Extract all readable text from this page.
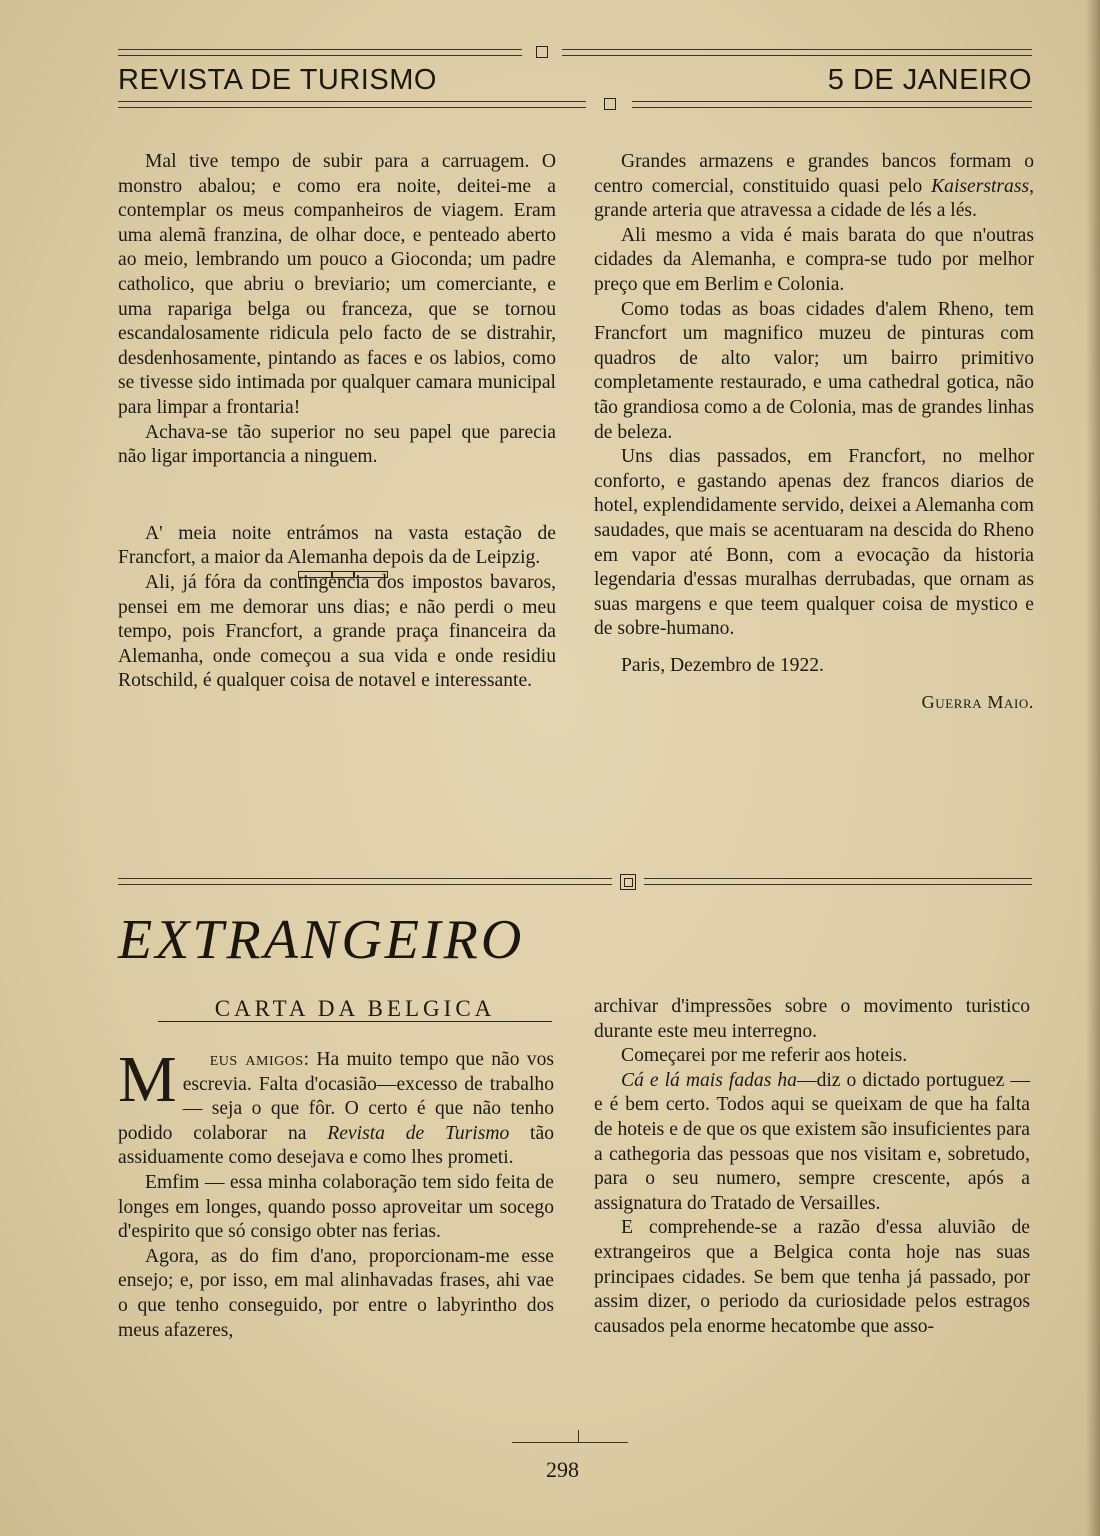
REVISTA DE TURISMO	5 DE JANEIRO

Mal tive tempo de subir para a carruagem. O monstro abalou; e como era noite, deitei-me a contemplar os meus companheiros de viagem. Eram uma alemã franzina, de olhar doce, e penteado aberto ao meio, lembrando um pouco a Gioconda; um padre catholico, que abriu o breviario; um comerciante, e uma rapariga belga ou franceza, que se tornou escandalosamente ridicula pelo facto de se distrahir, desdenhosamente, pintando as faces e os labios, como se tivesse sido intimada por qualquer camara municipal para limpar a frontaria!

Achava-se tão superior no seu papel que parecia não ligar importancia a ninguem.

A' meia noite entrámos na vasta estação de Francfort, a maior da Alemanha depois da de Leipzig.

Ali, já fóra da contingencia dos impostos bavaros, pensei em me demorar uns dias; e não perdi o meu tempo, pois Francfort, a grande praça financeira da Alemanha, onde começou a sua vida e onde residiu Rotschild, é qualquer coisa de notavel e interessante.

Grandes armazens e grandes bancos formam o centro comercial, constituido quasi pelo Kaiserstrass, grande arteria que atravessa a cidade de lés a lés.

Ali mesmo a vida é mais barata do que n'outras cidades da Alemanha, e compra-se tudo por melhor preço que em Berlim e Colonia.

Como todas as boas cidades d'alem Rheno, tem Francfort um magnifico muzeu de pinturas com quadros de alto valor; um bairro primitivo completamente restaurado, e uma cathedral gotica, não tão grandiosa como a de Colonia, mas de grandes linhas de beleza.

Uns dias passados, em Francfort, no melhor conforto, e gastando apenas dez francos diarios de hotel, explendidamente servido, deixei a Alemanha com saudades, que mais se acentuaram na descida do Rheno em vapor até Bonn, com a evocação da historia legendaria d'essas muralhas derrubadas, que ornam as suas margens e que teem qualquer coisa de mystico e de sobre-humano.

Paris, Dezembro de 1922.

Guerra Maio.

EXTRANGEIRO
CARTA DA BELGICA

M eus amigos: Ha muito tempo que não vos escrevia. Falta d'ocasião—excesso de trabalho — seja o que fôr. O certo é que não tenho podido colaborar na Revista de Turismo tão assiduamente como desejava e como lhes prometi.

Emfim — essa minha colaboração tem sido feita de longes em longes, quando posso aproveitar um socego d'espirito que só consigo obter nas ferias.

Agora, as do fim d'ano, proporcionam-me esse ensejo; e, por isso, em mal alinhavadas frases, ahi vae o que tenho conseguido, por entre o labyrintho dos meus afazeres,

archivar d'impressões sobre o movimento turistico durante este meu interregno.

Começarei por me referir aos hoteis.

Cá e lá mais fadas ha—diz o dictado portuguez — e é bem certo. Todos aqui se queixam de que ha falta de hoteis e de que os que existem são insuficientes para a cathegoria das pessoas que nos visitam e, sobretudo, para o seu numero, sempre crescente, após a assignatura do Tratado de Versailles.

E comprehende-se a razão d'essa aluvião de extrangeiros que a Belgica conta hoje nas suas principaes cidades. Se bem que tenha já passado, por assim dizer, o periodo da curiosidade pelos estragos causados pela enorme hecatombe que asso-

298
